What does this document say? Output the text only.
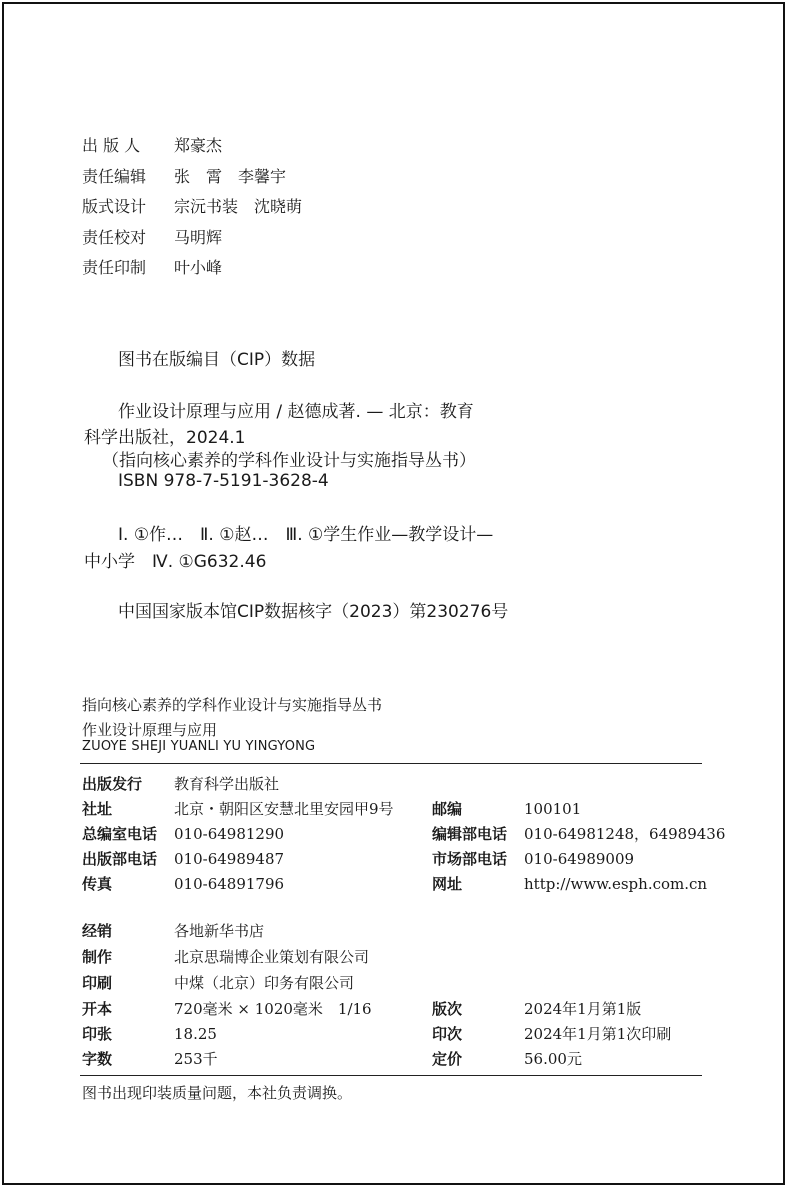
出 版 人 郑豪杰
责任编辑 张　霄　李馨宇
版式设计 宗沅书装　沈晓萌
责任校对 马明辉
责任印制 叶小峰
图书在版编目（CIP）数据
作业设计原理与应用 / 赵德成著. — 北京：教育
科学出版社，2024.1
（指向核心素养的学科作业设计与实施指导丛书）
ISBN 978-7-5191-3628-4
Ⅰ. ①作…　Ⅱ. ①赵…　Ⅲ. ①学生作业—教学设计—
中小学　Ⅳ. ①G632.46
中国国家版本馆CIP数据核字（2023）第230276号
指向核心素养的学科作业设计与实施指导丛书
作业设计原理与应用
ZUOYE SHEJI YUANLI YU YINGYONG
出版发行 教育科学出版社
社址	北京・朝阳区安慧北里安园甲9号	邮编	100101
总编室电话 010-64981290	编辑部电话 010-64981248，64989436
出版部电话 010-64989487	市场部电话 010-64989009
传真	010-64891796	网址	http://www.esph.com.cn
经销	各地新华书店
制作	北京思瑞博企业策划有限公司
印刷	中煤（北京）印务有限公司
开本	720毫米 × 1020毫米　1/16	版次	2024年1月第1版
印张	18.25	印次	2024年1月第1次印刷
字数	253千	定价	56.00元
图书出现印装质量问题，本社负责调换。
